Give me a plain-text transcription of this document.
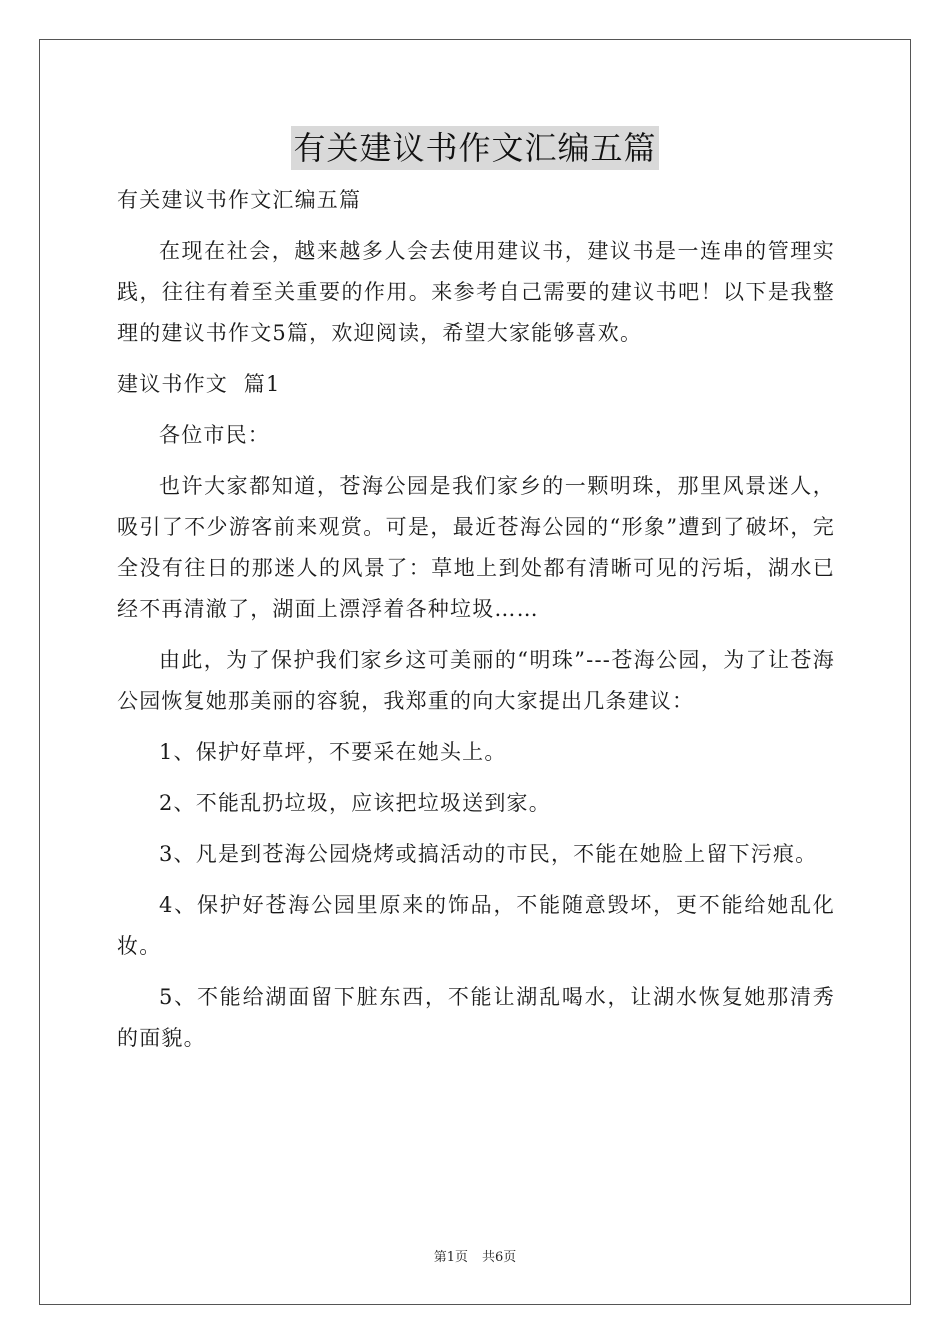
有关建议书作文汇编五篇

有关建议书作文汇编五篇

在现在社会，越来越多人会去使用建议书，建议书是一连串的管理实践，往往有着至关重要的作用。来参考自己需要的建议书吧！以下是我整理的建议书作文5篇，欢迎阅读，希望大家能够喜欢。

建议书作文  篇1

各位市民：

也许大家都知道，苍海公园是我们家乡的一颗明珠，那里风景迷人，吸引了不少游客前来观赏。可是，最近苍海公园的“形象”遭到了破坏，完全没有往日的那迷人的风景了：草地上到处都有清晰可见的污垢，湖水已经不再清澈了，湖面上漂浮着各种垃圾……

由此，为了保护我们家乡这可美丽的“明珠”---苍海公园，为了让苍海公园恢复她那美丽的容貌，我郑重的向大家提出几条建议：

1、保护好草坪，不要采在她头上。

2、不能乱扔垃圾，应该把垃圾送到家。

3、凡是到苍海公园烧烤或搞活动的市民，不能在她脸上留下污痕。

4、保护好苍海公园里原来的饰品，不能随意毁坏，更不能给她乱化妆。

5、不能给湖面留下脏东西，不能让湖乱喝水，让湖水恢复她那清秀的面貌。

第1页 共6页
